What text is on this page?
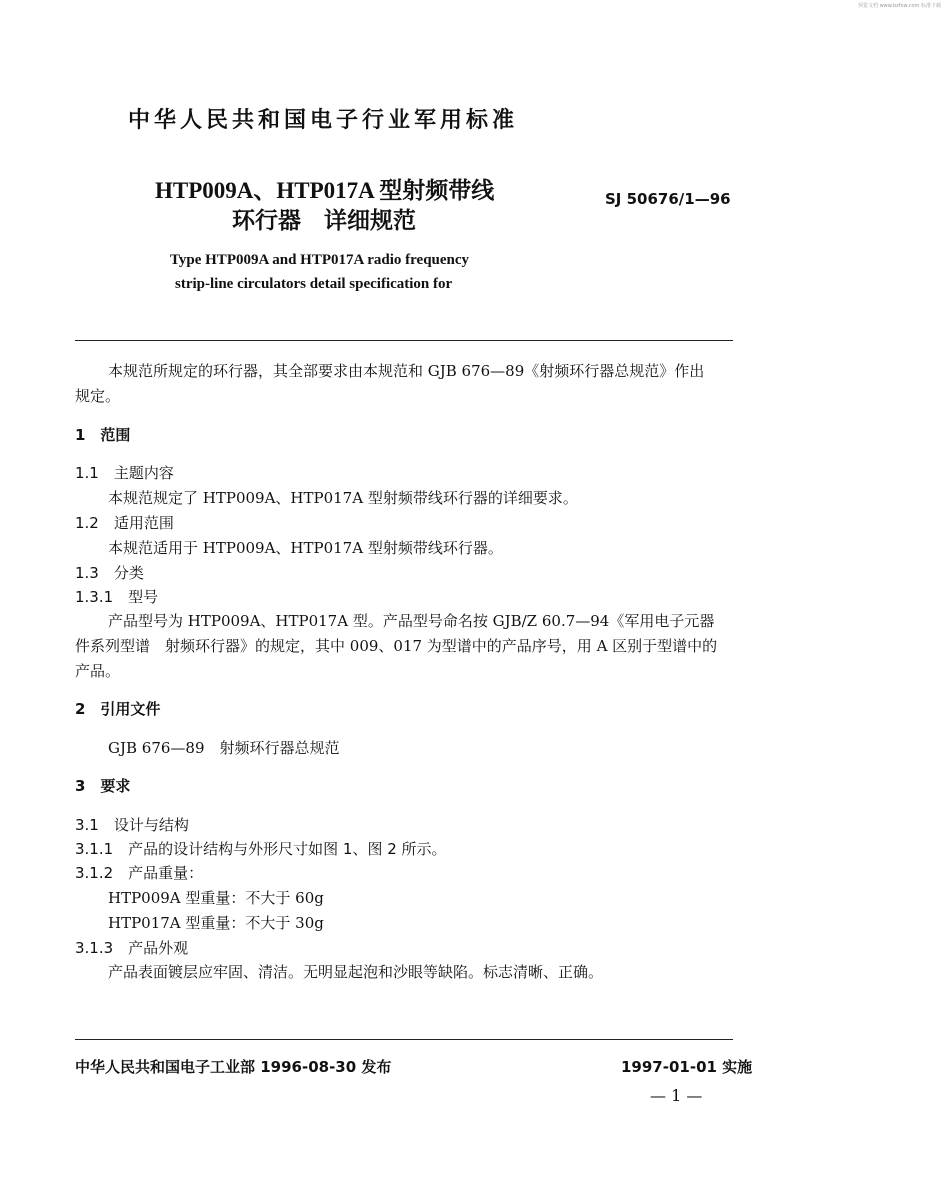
预览文档 www.bzfxw.com 标准下载
中华人民共和国电子行业军用标准
HTP009A、HTP017A 型射频带线
环行器　详细规范
SJ 50676/1—96
Type HTP009A and HTP017A radio frequency
strip-line circulators detail specification for
本规范所规定的环行器，其全部要求由本规范和 GJB 676—89《射频环行器总规范》作出
规定。
1　范围
1.1　主题内容
本规范规定了 HTP009A、HTP017A 型射频带线环行器的详细要求。
1.2　适用范围
本规范适用于 HTP009A、HTP017A 型射频带线环行器。
1.3　分类
1.3.1　型号
产品型号为 HTP009A、HTP017A 型。产品型号命名按 GJB/Z 60.7—94《军用电子元器
件系列型谱　射频环行器》的规定，其中 009、017 为型谱中的产品序号，用 A 区别于型谱中的
产品。
2　引用文件
GJB 676—89　射频环行器总规范
3　要求
3.1　设计与结构
3.1.1　产品的设计结构与外形尺寸如图 1、图 2 所示。
3.1.2　产品重量：
HTP009A 型重量：不大于 60g
HTP017A 型重量：不大于 30g
3.1.3　产品外观
产品表面镀层应牢固、清洁。无明显起泡和沙眼等缺陷。标志清晰、正确。
中华人民共和国电子工业部 1996-08-30 发布	1997-01-01 实施
— 1 —
